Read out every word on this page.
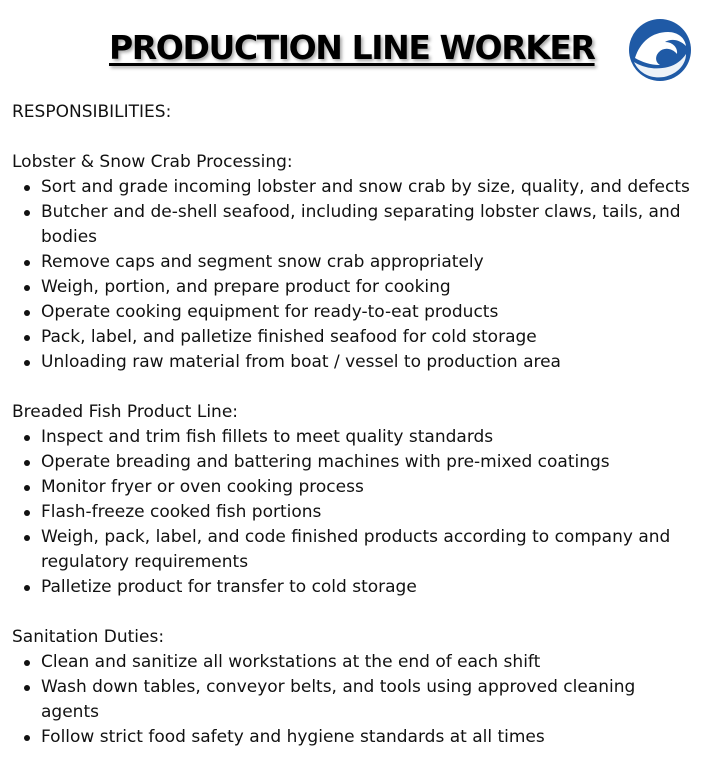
PRODUCTION LINE WORKER

RESPONSIBILITIES:

Lobster & Snow Crab Processing:

Sort and grade incoming lobster and snow crab by size, quality, and defects
Butcher and de-shell seafood, including separating lobster claws, tails, and bodies
Remove caps and segment snow crab appropriately
Weigh, portion, and prepare product for cooking
Operate cooking equipment for ready-to-eat products
Pack, label, and palletize finished seafood for cold storage
Unloading raw material from boat / vessel to production area

Breaded Fish Product Line:

Inspect and trim fish fillets to meet quality standards
Operate breading and battering machines with pre-mixed coatings
Monitor fryer or oven cooking process
Flash-freeze cooked fish portions
Weigh, pack, label, and code finished products according to company and regulatory requirements
Palletize product for transfer to cold storage

Sanitation Duties:

Clean and sanitize all workstations at the end of each shift
Wash down tables, conveyor belts, and tools using approved cleaning agents
Follow strict food safety and hygiene standards at all times
